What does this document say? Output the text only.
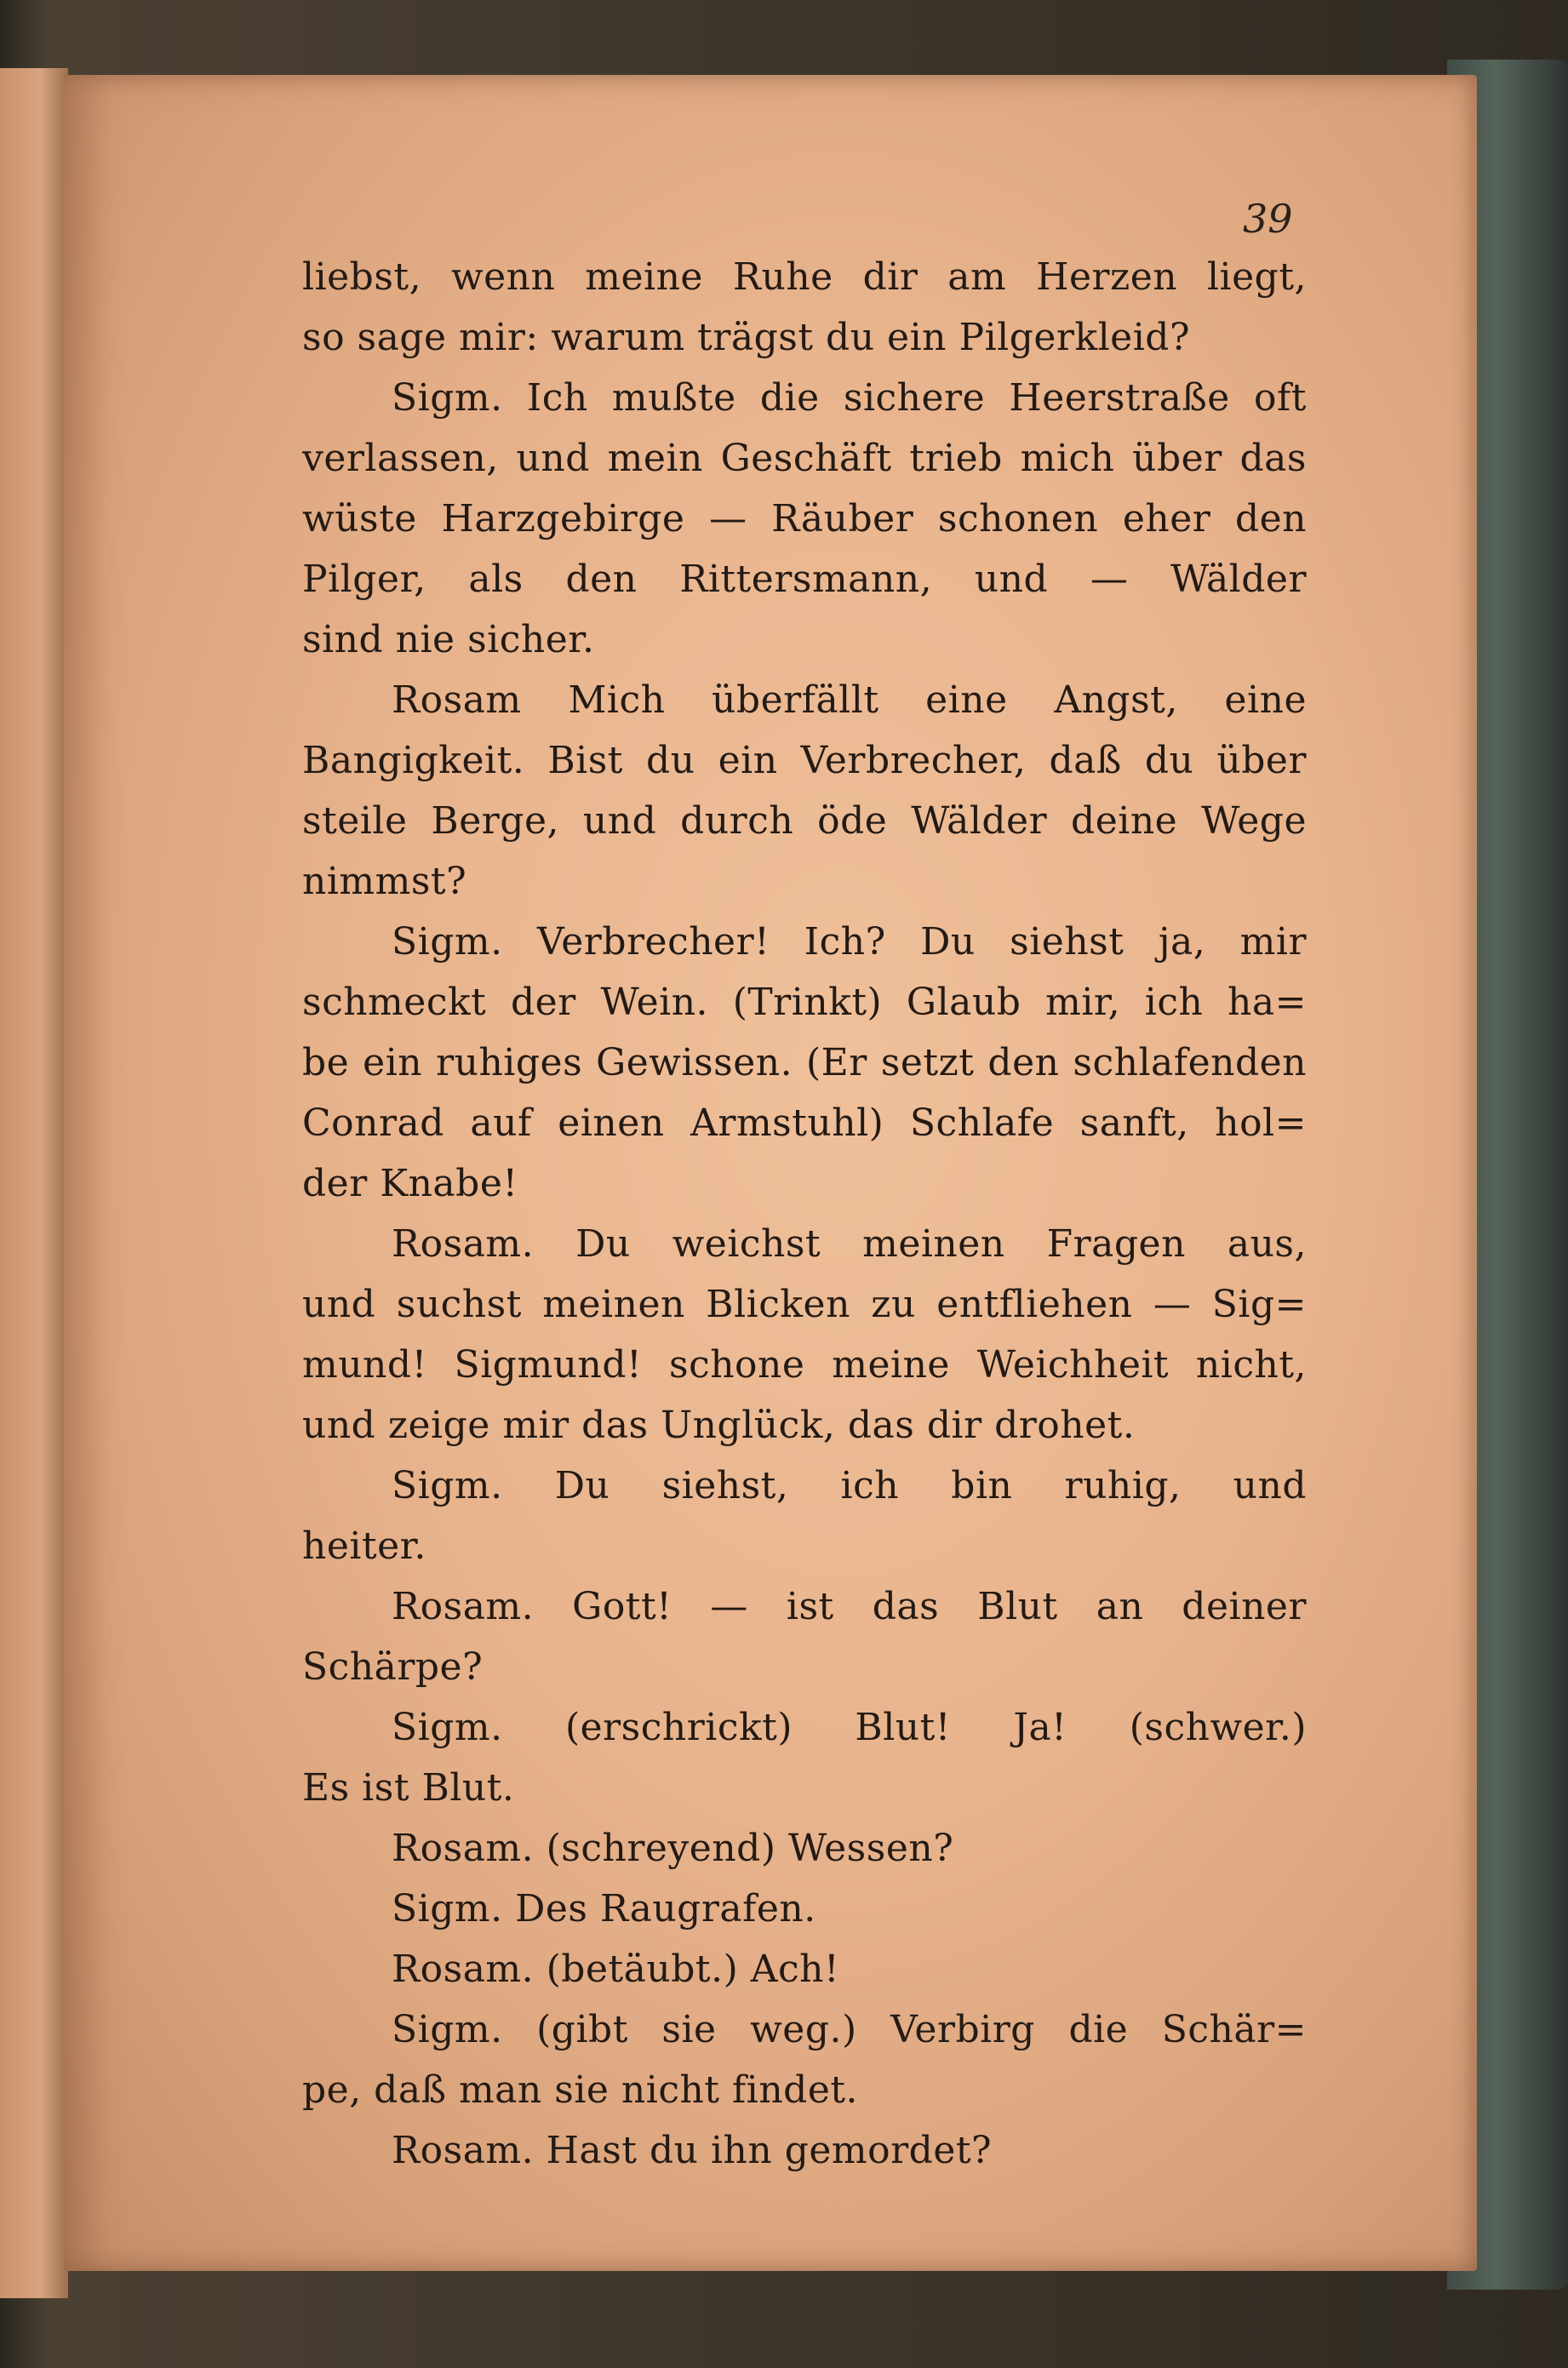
39
liebst, wenn meine Ruhe dir am Herzen liegt,
so sage mir: warum trägst du ein Pilgerkleid?
Sigm. Ich mußte die sichere Heerstraße oft
verlassen, und mein Geschäft trieb mich über das
wüste Harzgebirge — Räuber schonen eher den
Pilger, als den Rittersmann, und — Wälder
sind nie sicher.
Rosam Mich überfällt eine Angst, eine
Bangigkeit. Bist du ein Verbrecher, daß du über
steile Berge, und durch öde Wälder deine Wege
nimmst?
Sigm. Verbrecher! Ich? Du siehst ja, mir
schmeckt der Wein. (Trinkt) Glaub mir, ich ha=
be ein ruhiges Gewissen. (Er setzt den schlafenden
Conrad auf einen Armstuhl) Schlafe sanft, hol=
der Knabe!
Rosam. Du weichst meinen Fragen aus,
und suchst meinen Blicken zu entfliehen — Sig=
mund! Sigmund! schone meine Weichheit nicht,
und zeige mir das Unglück, das dir drohet.
Sigm. Du siehst, ich bin ruhig, und
heiter.
Rosam. Gott! — ist das Blut an deiner
Schärpe?
Sigm. (erschrickt) Blut! Ja! (schwer.)
Es ist Blut.
Rosam. (schreyend) Wessen?
Sigm. Des Raugrafen.
Rosam. (betäubt.) Ach!
Sigm. (gibt sie weg.) Verbirg die Schär=
pe, daß man sie nicht findet.
Rosam. Hast du ihn gemordet?
